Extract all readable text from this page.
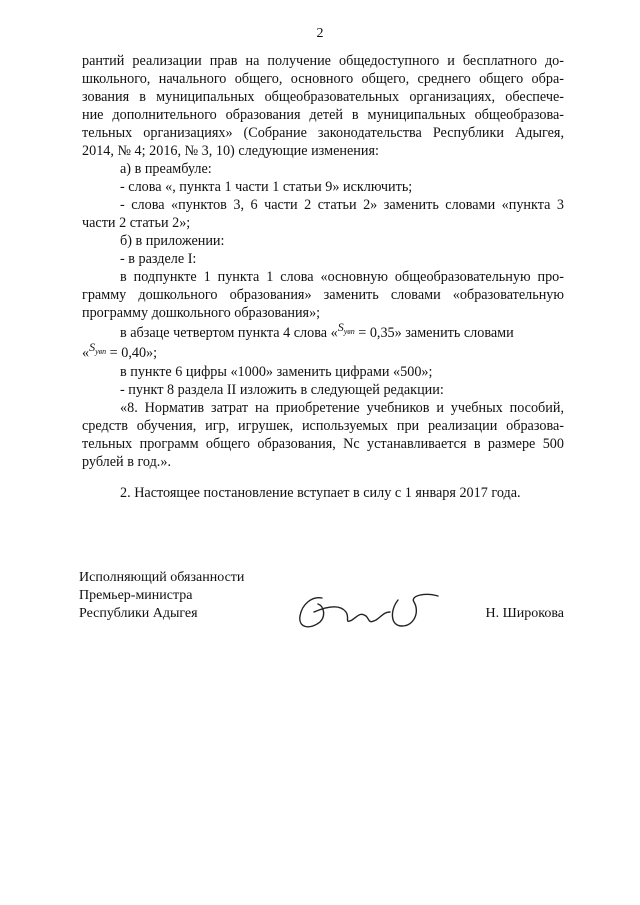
2
рантий реализации прав на получение общедоступного и бесплатного до-
школьного, начального общего, основного общего, среднего общего обра-
зования в муниципальных общеобразовательных организациях, обеспече-
ние дополнительного образования детей в муниципальных общеобразова-
тельных организациях» (Собрание законодательства Республики Адыгея,
2014, № 4; 2016, № 3, 10) следующие изменения:
а) в преамбуле:
- слова «, пункта 1 части 1 статьи 9» исключить;
- слова «пунктов 3, 6 части 2 статьи 2» заменить словами «пункта 3
части 2 статьи 2»;
б) в приложении:
- в разделе I:
в подпункте 1 пункта 1 слова «основную общеобразовательную про-
грамму дошкольного образования» заменить словами «образовательную
программу дошкольного образования»;
в абзаце четвертом пункта 4 слова «$^{S_{увп}}$ = 0,35» заменить словами
«$^{S_{увп}}$ = 0,40»;
в пункте 6 цифры «1000» заменить цифрами «500»;
- пункт 8 раздела II изложить в следующей редакции:
«8. Норматив затрат на приобретение учебников и учебных пособий,
средств обучения, игр, игрушек, используемых при реализации образова-
тельных программ общего образования, Nc устанавливается в размере 500
рублей в год.».
2. Настоящее постановление вступает в силу с 1 января 2017 года.
Исполняющий обязанности
Премьер-министра
Республики Адыгея	Н. Широкова
